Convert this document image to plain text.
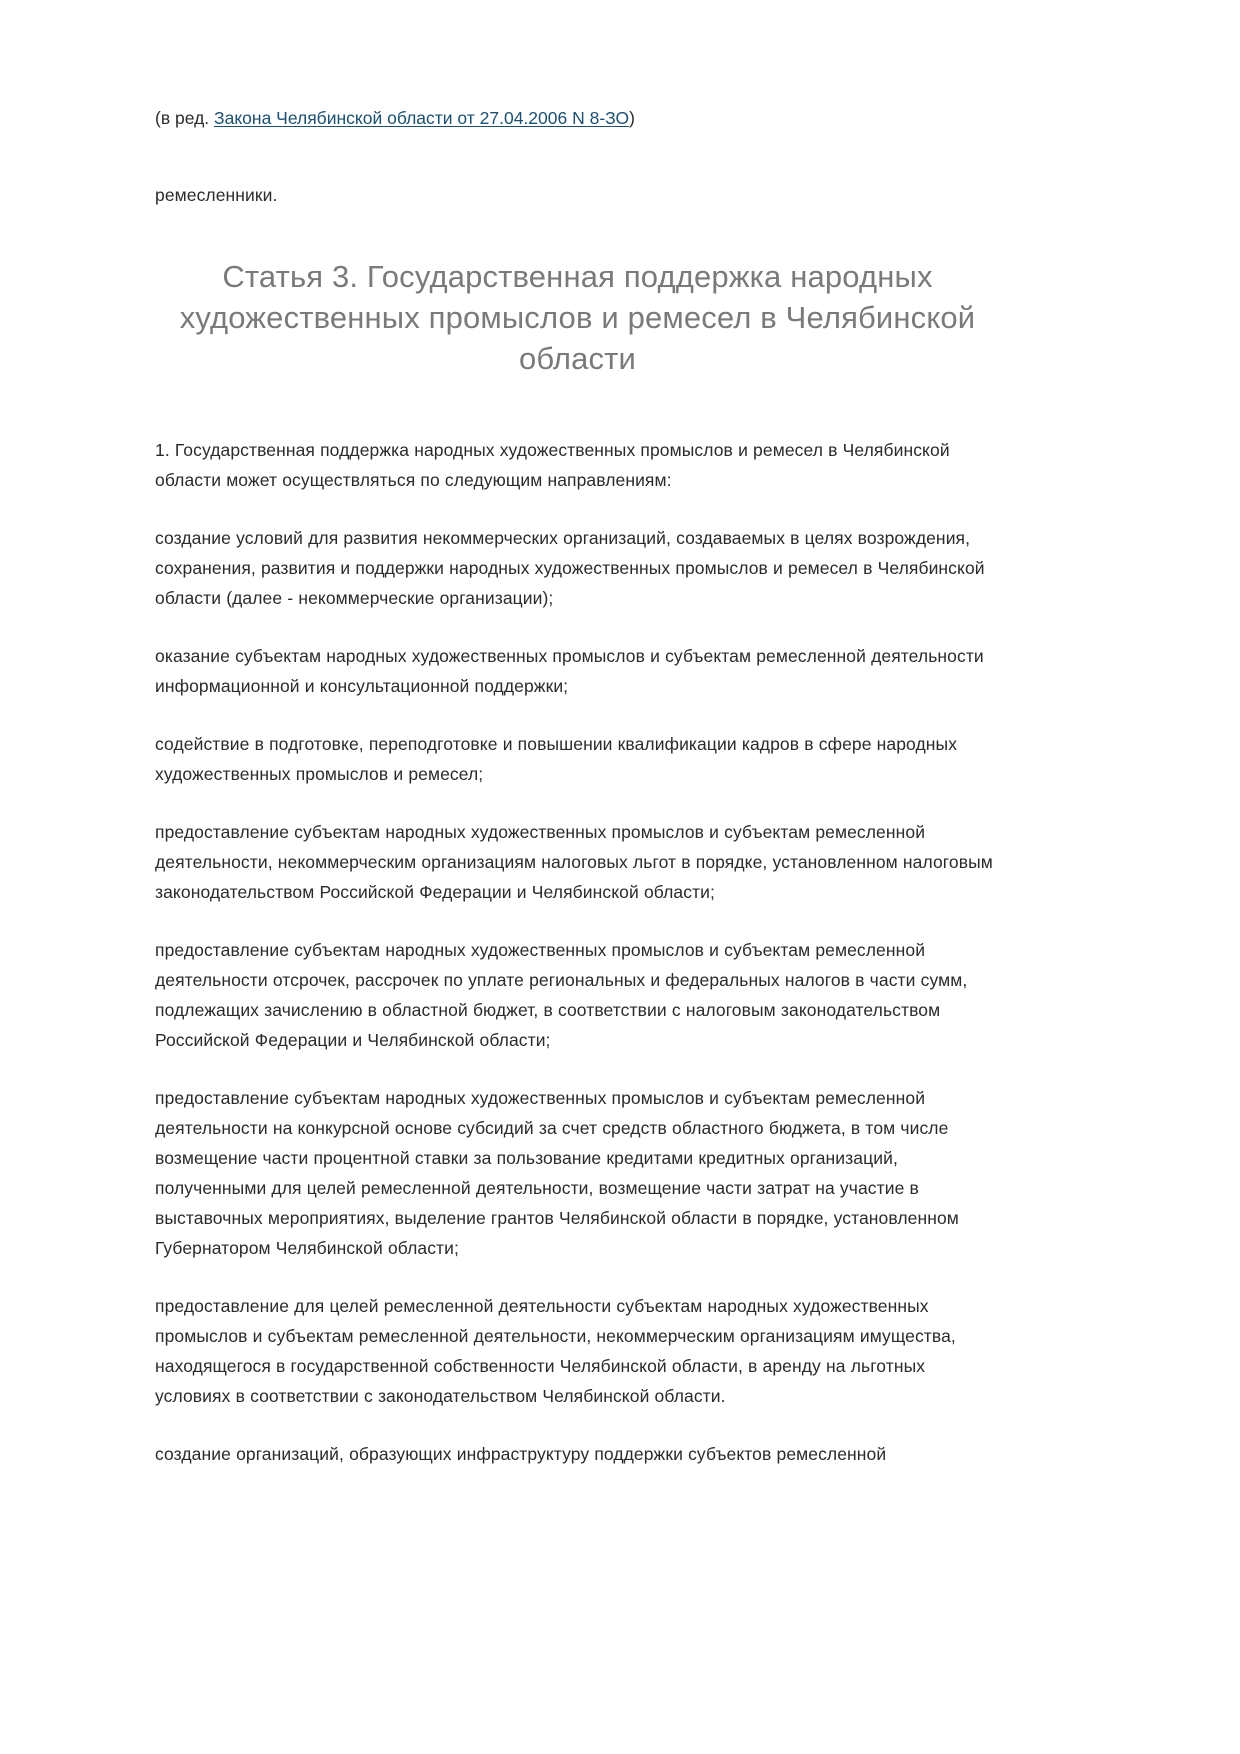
(в ред. Закона Челябинской области от 27.04.2006 N 8-ЗО)

ремесленники.

Статья 3. Государственная поддержка народных художественных промыслов и ремесел в Челябинской области

1. Государственная поддержка народных художественных промыслов и ремесел в Челябинской области может осуществляться по следующим направлениям:

создание условий для развития некоммерческих организаций, создаваемых в целях возрождения, сохранения, развития и поддержки народных художественных промыслов и ремесел в Челябинской области (далее - некоммерческие организации);

оказание субъектам народных художественных промыслов и субъектам ремесленной деятельности информационной и консультационной поддержки;

содействие в подготовке, переподготовке и повышении квалификации кадров в сфере народных художественных промыслов и ремесел;

предоставление субъектам народных художественных промыслов и субъектам ремесленной деятельности, некоммерческим организациям налоговых льгот в порядке, установленном налоговым законодательством Российской Федерации и Челябинской области;

предоставление субъектам народных художественных промыслов и субъектам ремесленной деятельности отсрочек, рассрочек по уплате региональных и федеральных налогов в части сумм, подлежащих зачислению в областной бюджет, в соответствии с налоговым законодательством Российской Федерации и Челябинской области;

предоставление субъектам народных художественных промыслов и субъектам ремесленной деятельности на конкурсной основе субсидий за счет средств областного бюджета, в том числе возмещение части процентной ставки за пользование кредитами кредитных организаций, полученными для целей ремесленной деятельности, возмещение части затрат на участие в выставочных мероприятиях, выделение грантов Челябинской области в порядке, установленном Губернатором Челябинской области;

предоставление для целей ремесленной деятельности субъектам народных художественных промыслов и субъектам ремесленной деятельности, некоммерческим организациям имущества, находящегося в государственной собственности Челябинской области, в аренду на льготных условиях в соответствии с законодательством Челябинской области.

создание организаций, образующих инфраструктуру поддержки субъектов ремесленной
